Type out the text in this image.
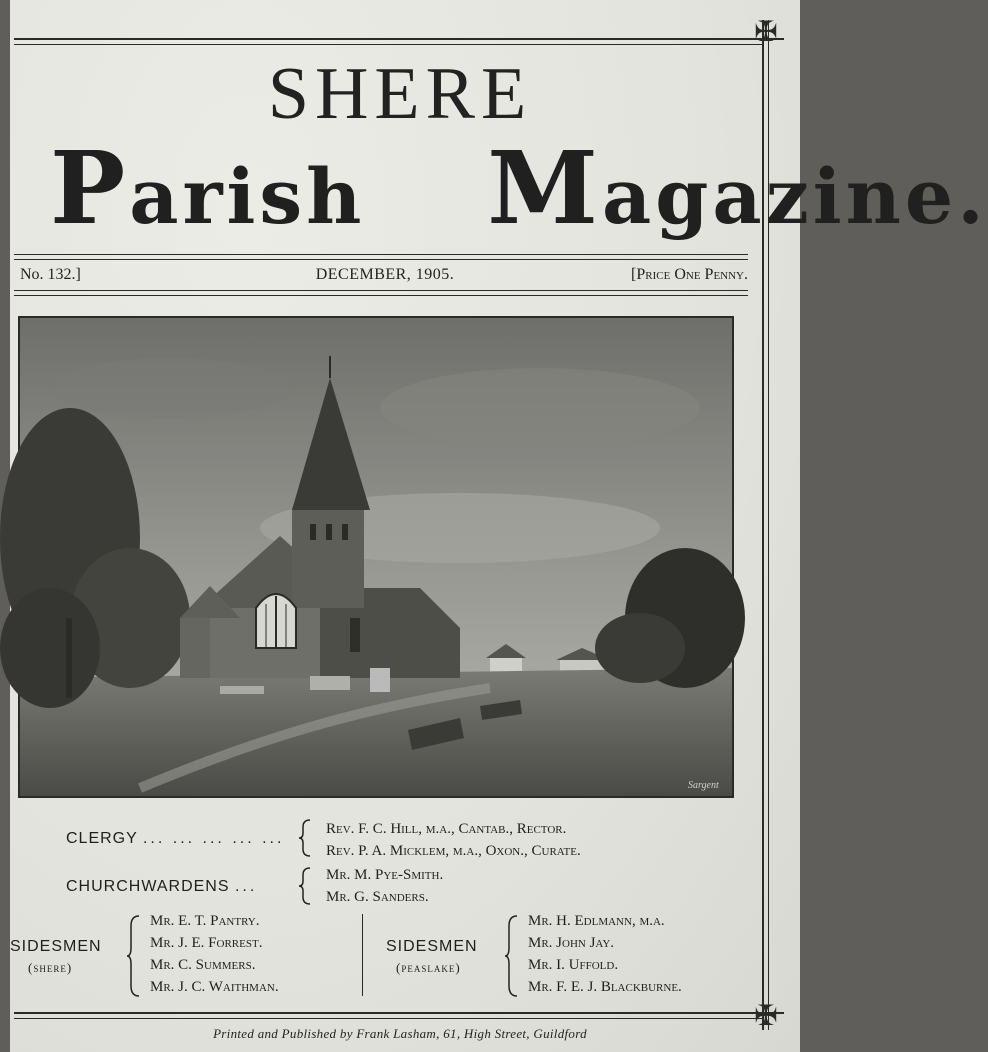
✠
✠
SHERE
Parish Magazine.
No. 132.]	DECEMBER, 1905.	[Price One Penny.
Sargent
CLERGY ... ... ... ... ...
Rev. F. C. Hill, m.a., Cantab., Rector.
Rev. P. A. Micklem, m.a., Oxon., Curate.
CHURCHWARDENS ...
Mr. M. Pye-Smith.
Mr. G. Sanders.
SIDESMEN
(shere)
Mr. E. T. Pantry.
Mr. J. E. Forrest.
Mr. C. Summers.
Mr. J. C. Waithman.
SIDESMEN
(peaslake)
Mr. H. Edlmann, m.a.
Mr. John Jay.
Mr. I. Uffold.
Mr. F. E. J. Blackburne.
Printed and Published by Frank Lasham, 61, High Street, Guildford
